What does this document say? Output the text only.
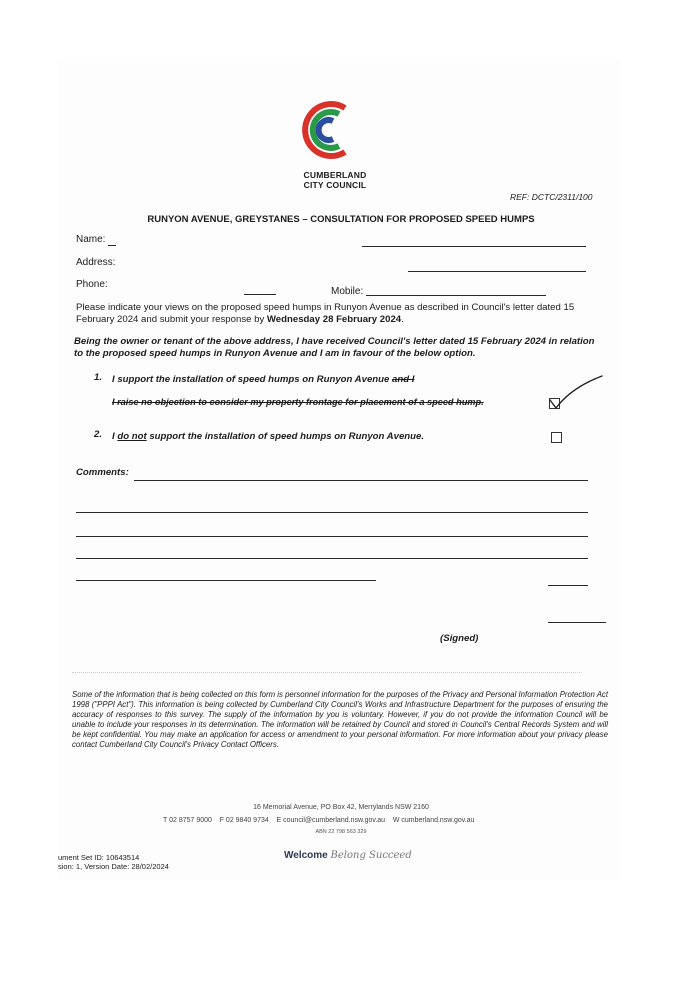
CUMBERLAND
CITY COUNCIL
REF: DCTC/2311/100
RUNYON AVENUE, GREYSTANES – CONSULTATION FOR PROPOSED SPEED HUMPS
Name:
Address:
Phone:
Mobile:
Please indicate your views on the proposed speed humps in Runyon Avenue as described in Council's letter dated 15 February 2024 and submit your response by Wednesday 28 February 2024.
Being the owner or tenant of the above address, I have received Council's letter dated 15 February 2024 in relation to the proposed speed humps in Runyon Avenue and I am in favour of the below option.
1. I support the installation of speed humps on Runyon Avenue and I
I raise no objection to consider my property frontage for placement of a speed hump.
2. I do not support the installation of speed humps on Runyon Avenue.
Comments:
(Signed)
Some of the information that is being collected on this form is personnel information for the purposes of the Privacy and Personal Information Protection Act 1998 ("PPPI Act"). This information is being collected by Cumberland City Council's Works and Infrastructure Department for the purposes of ensuring the accuracy of responses to this survey. The supply of the information by you is voluntary. However, if you do not provide the information Council will be unable to include your responses in its determination. The information will be retained by Council and stored in Council's Central Records System and will be kept confidential. You may make an application for access or amendment to your personal information. For more information about your privacy please contact Cumberland City Council's Privacy Contact Officers.
16 Memorial Avenue, PO Box 42, Merrylands NSW 2160
T 02 8757 9000 F 02 9840 9734 E council@cumberland.nsw.gov.au W cumberland.nsw.gov.au
ABN 22 798 563 329
ument Set ID: 10643514
sion: 1, Version Date: 28/02/2024
Welcome Belong Succeed
